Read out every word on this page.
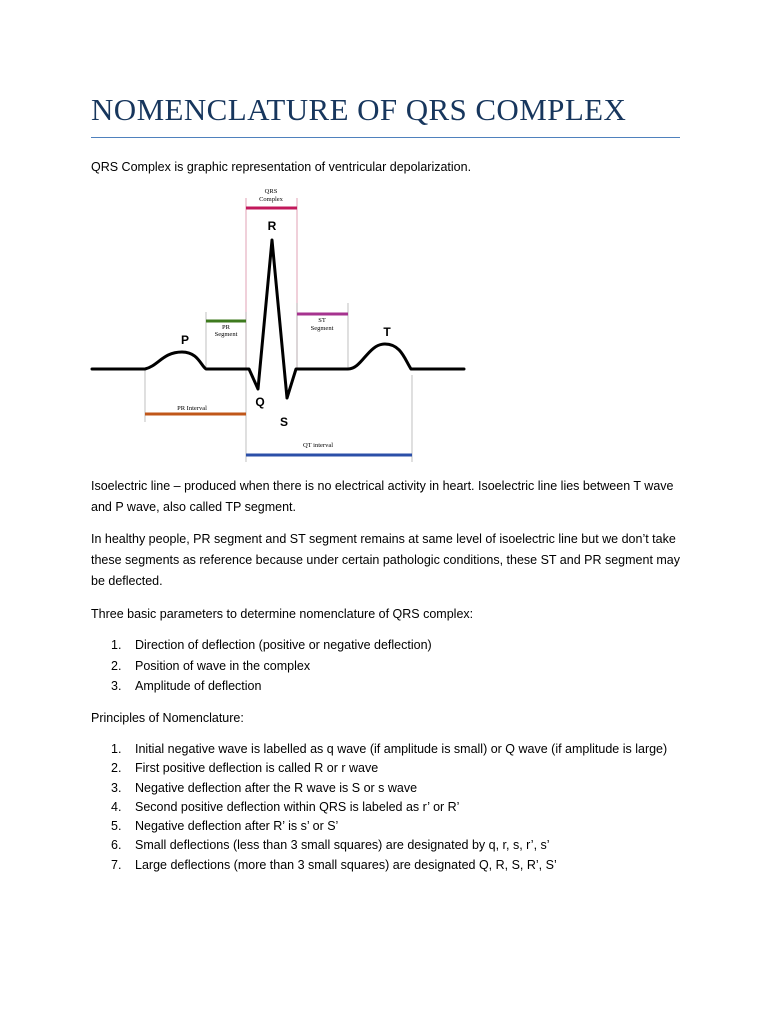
NOMENCLATURE OF QRS COMPLEX

QRS Complex is graphic representation of ventricular depolarization.

QRS
Complex
PR
Segment
ST
Segment
PR Interval
QT interval
P
Q
R
S
T

Isoelectric line – produced when there is no electrical activity in heart. Isoelectric line lies between T wave and P wave, also called TP segment.

In healthy people, PR segment and ST segment remains at same level of isoelectric line but we don’t take these segments as reference because under certain pathologic conditions, these ST and PR segment may be deflected.

Three basic parameters to determine nomenclature of QRS complex:

1. Direction of deflection (positive or negative deflection)
2. Position of wave in the complex
3. Amplitude of deflection

Principles of Nomenclature:

1. Initial negative wave is labelled as q wave (if amplitude is small) or Q wave (if amplitude is large)
2. First positive deflection is called R or r wave
3. Negative deflection after the R wave is S or s wave
4. Second positive deflection within QRS is labeled as r’ or R’
5. Negative deflection after R’ is s’ or S’
6. Small deflections (less than 3 small squares) are designated by q, r, s, r’, s’
7. Large deflections (more than 3 small squares) are designated Q, R, S, R’, S’
